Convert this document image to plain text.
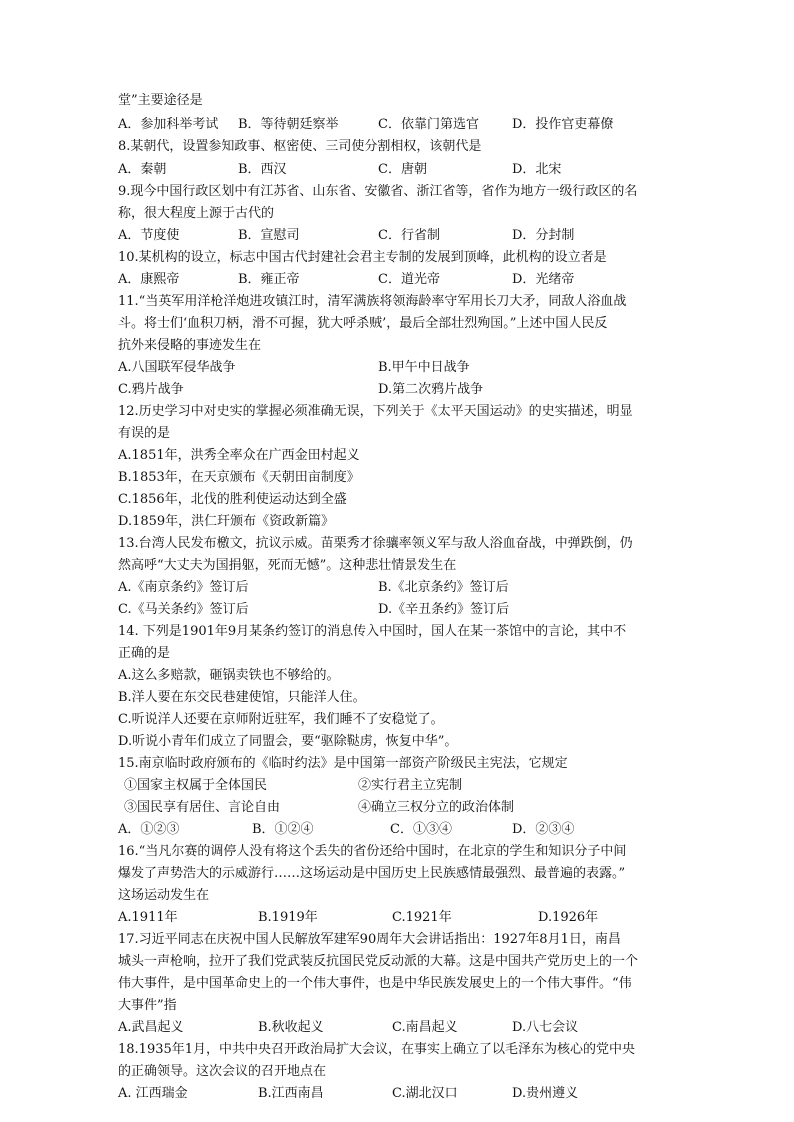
堂”主要途径是
A．参加科举考试 B．等待朝廷察举	C．依靠门第选官	D．投作官吏幕僚
8.某朝代，设置参知政事、枢密使、三司使分割相权，该朝代是
A．秦朝	B．西汉	C．唐朝	D．北宋
9.现今中国行政区划中有江苏省、山东省、安徽省、浙江省等，省作为地方一级行政区的名
称，很大程度上源于古代的
A．节度使	B．宣慰司	C．行省制	D．分封制
10.某机构的设立，标志中国古代封建社会君主专制的发展到顶峰，此机构的设立者是
A．康熙帝	B．雍正帝	C．道光帝	D．光绪帝
11.“当英军用洋枪洋炮进攻镇江时，清军满族将领海龄率守军用长刀大矛，同敌人浴血战
斗。将士们‘血积刀柄，滑不可握，犹大呼杀贼’，最后全部壮烈殉国。”上述中国人民反
抗外来侵略的事迹发生在
A.八国联军侵华战争	B.甲午中日战争
C.鸦片战争	D.第二次鸦片战争
12.历史学习中对史实的掌握必须准确无误，下列关于《太平天国运动》的史实描述，明显
有误的是
A.1851年，洪秀全率众在广西金田村起义
B.1853年，在天京颁布《天朝田亩制度》
C.1856年，北伐的胜利使运动达到全盛
D.1859年，洪仁玕颁布《资政新篇》
13.台湾人民发布檄文，抗议示威。苗栗秀才徐骧率领义军与敌人浴血奋战，中弹跌倒，仍
然高呼“大丈夫为国捐躯，死而无憾”。这种悲壮情景发生在
A.《南京条约》签订后	B.《北京条约》签订后
C.《马关条约》签订后	D.《辛丑条约》签订后
14. 下列是1901年9月某条约签订的消息传入中国时，国人在某一茶馆中的言论，其中不
正确的是
A.这么多赔款，砸锅卖铁也不够给的。
B.洋人要在东交民巷建使馆，只能洋人住。
C.听说洋人还要在京师附近驻军，我们睡不了安稳觉了。
D.听说小青年们成立了同盟会，要“驱除鞑虏，恢复中华”。
15.南京临时政府颁布的《临时约法》是中国第一部资产阶级民主宪法，它规定
①国家主权属于全体国民	②实行君主立宪制
③国民享有居住、言论自由	④确立三权分立的政治体制
A．①②③	B．①②④	C．①③④	D．②③④
16.“当凡尔赛的调停人没有将这个丢失的省份还给中国时，在北京的学生和知识分子中间
爆发了声势浩大的示威游行……这场运动是中国历史上民族感情最强烈、最普遍的表露。”
这场运动发生在
A.1911年	B.1919年	C.1921年	D.1926年
17.习近平同志在庆祝中国人民解放军建军90周年大会讲话指出：1927年8月1日，南昌
城头一声枪响，拉开了我们党武装反抗国民党反动派的大幕。这是中国共产党历史上的一个
伟大事件，是中国革命史上的一个伟大事件，也是中华民族发展史上的一个伟大事件。“伟
大事件”指
A.武昌起义	B.秋收起义	C.南昌起义	D.八七会议
18.1935年1月，中共中央召开政治局扩大会议，在事实上确立了以毛泽东为核心的党中央
的正确领导。这次会议的召开地点在
A. 江西瑞金	B.江西南昌	C.湖北汉口	D.贵州遵义
